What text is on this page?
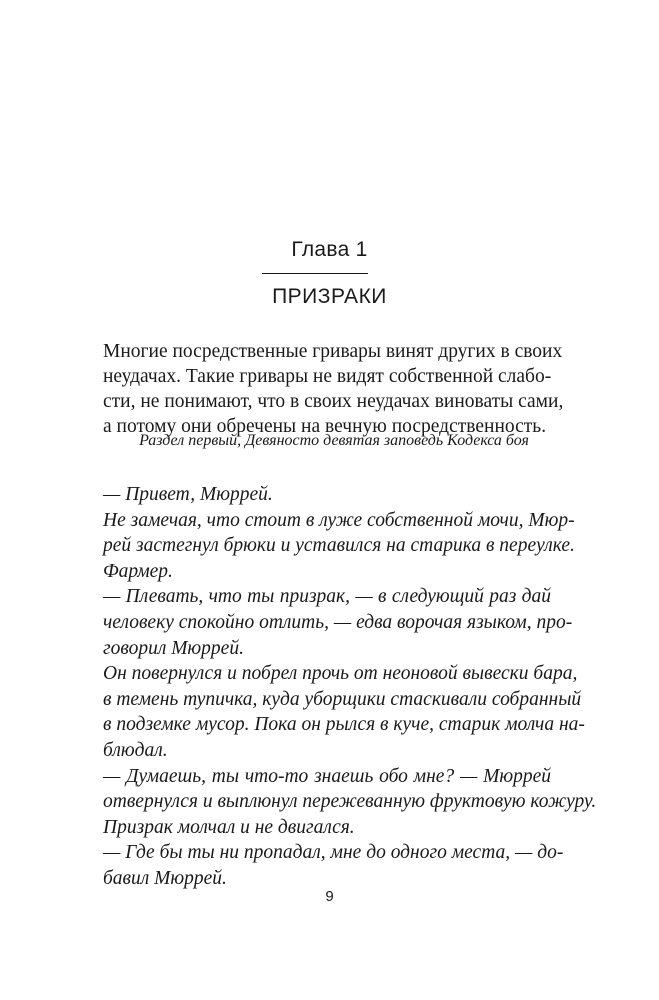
Глава 1
ПРИЗРАКИ
Многие посредственные гривары винят других в своих
неудачах. Такие гривары не видят собственной слабо-
сти, не понимают, что в своих неудачах виноваты сами,
а потому они обречены на вечную посредственность.
Раздел первый, Девяносто девятая заповедь Кодекса боя
— Привет, Мюррей.
Не замечая, что стоит в луже собственной мочи, Мюр-
рей застегнул брюки и уставился на старика в переулке.
Фармер.
— Плевать, что ты призрак, — в следующий раз дай
человеку спокойно отлить, — едва ворочая языком, про-
говорил Мюррей.
Он повернулся и побрел прочь от неоновой вывески бара,
в темень тупичка, куда уборщики стаскивали собранный
в подземке мусор. Пока он рылся в куче, старик молча на-
блюдал.
— Думаешь, ты что-то знаешь обо мне? — Мюррей
отвернулся и выплюнул пережеванную фруктовую кожуру.
Призрак молчал и не двигался.
— Где бы ты ни пропадал, мне до одного места, — до-
бавил Мюррей.
9
